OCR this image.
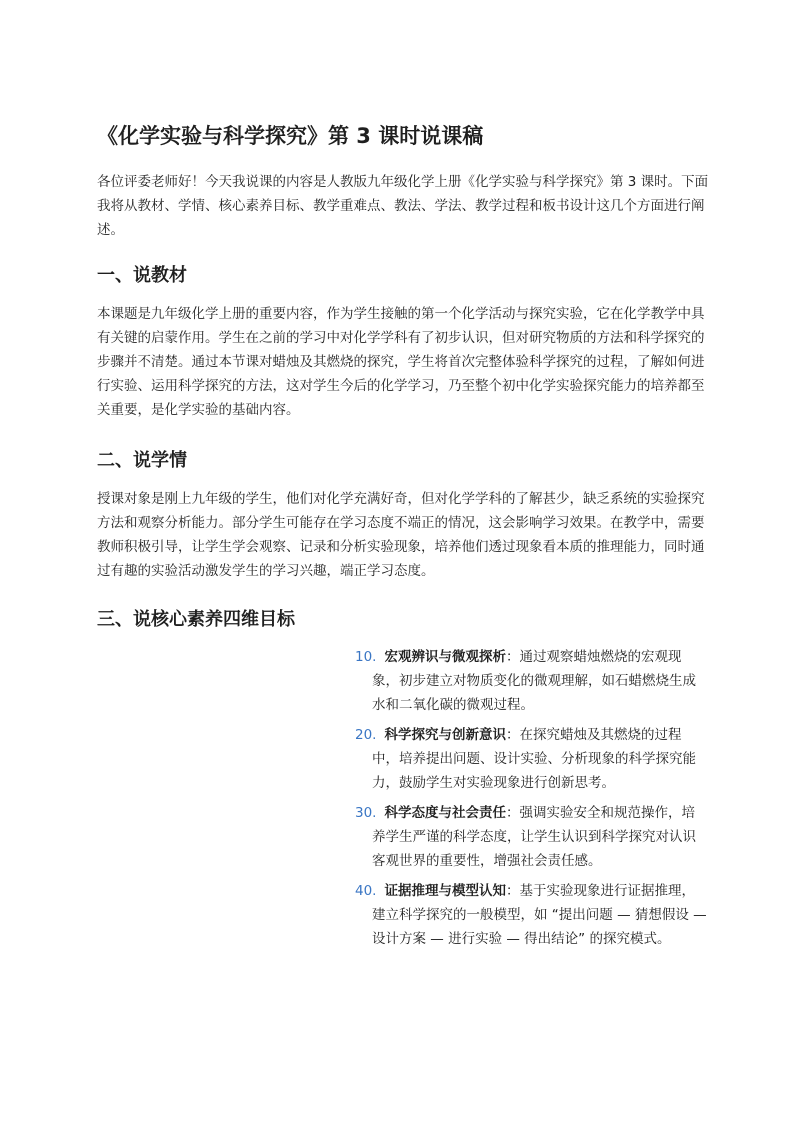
《化学实验与科学探究》第 3 课时说课稿

各位评委老师好！今天我说课的内容是人教版九年级化学上册《化学实验与科学探究》第 3 课时。下面我将从教材、学情、核心素养目标、教学重难点、教法、学法、教学过程和板书设计这几个方面进行阐述。

一、说教材

本课题是九年级化学上册的重要内容，作为学生接触的第一个化学活动与探究实验，它在化学教学中具有关键的启蒙作用。学生在之前的学习中对化学学科有了初步认识，但对研究物质的方法和科学探究的步骤并不清楚。通过本节课对蜡烛及其燃烧的探究，学生将首次完整体验科学探究的过程，了解如何进行实验、运用科学探究的方法，这对学生今后的化学学习，乃至整个初中化学实验探究能力的培养都至关重要，是化学实验的基础内容。

二、说学情

授课对象是刚上九年级的学生，他们对化学充满好奇，但对化学学科的了解甚少，缺乏系统的实验探究方法和观察分析能力。部分学生可能存在学习态度不端正的情况，这会影响学习效果。在教学中，需要教师积极引导，让学生学会观察、记录和分析实验现象，培养他们透过现象看本质的推理能力，同时通过有趣的实验活动激发学生的学习兴趣，端正学习态度。

三、说核心素养四维目标
10. 宏观辨识与微观探析：通过观察蜡烛燃烧的宏观现象，初步建立对物质变化的微观理解，如石蜡燃烧生成水和二氧化碳的微观过程。
20. 科学探究与创新意识：在探究蜡烛及其燃烧的过程中，培养提出问题、设计实验、分析现象的科学探究能力，鼓励学生对实验现象进行创新思考。
30. 科学态度与社会责任：强调实验安全和规范操作，培养学生严谨的科学态度，让学生认识到科学探究对认识客观世界的重要性，增强社会责任感。
40. 证据推理与模型认知：基于实验现象进行证据推理，建立科学探究的一般模型，如 “提出问题 — 猜想假设 — 设计方案 — 进行实验 — 得出结论” 的探究模式。
